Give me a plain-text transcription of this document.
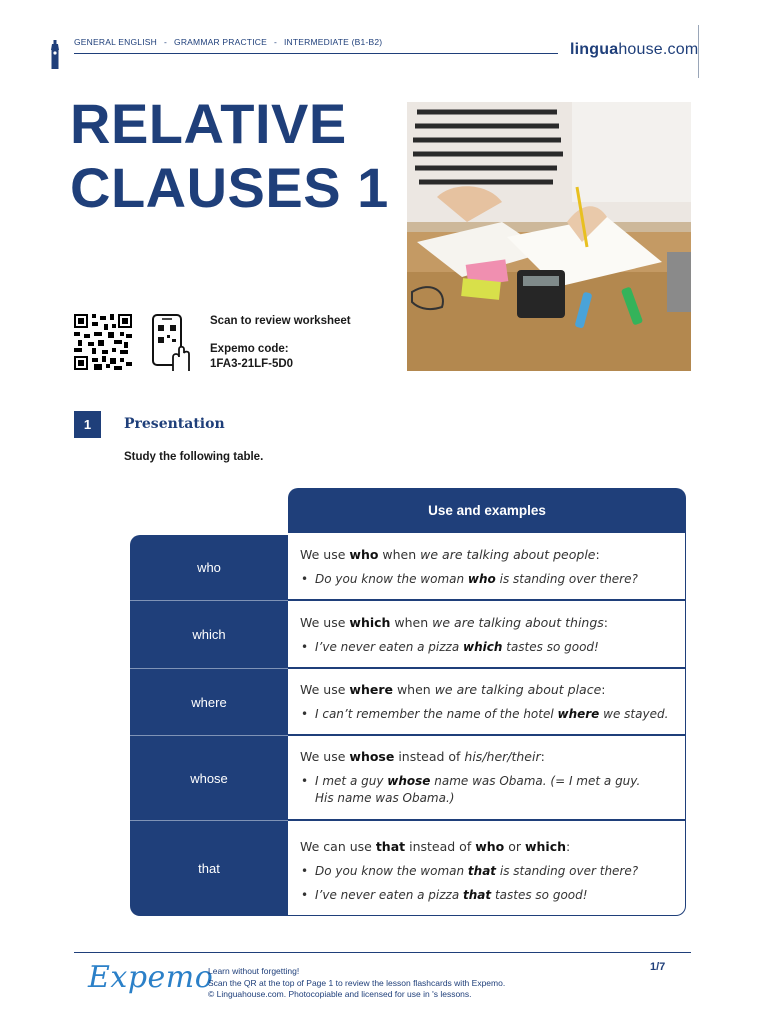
GENERAL ENGLISH - GRAMMAR PRACTICE - INTERMEDIATE (B1-B2)	linguahouse.com
RELATIVE
CLAUSES 1
Scan to review worksheet
Expemo code:
1FA3-21LF-5D0
1	Presentation
Study the following table.
Use and examples
who
which
where
whose
that
We use who when we are talking about people:
• Do you know the woman who is standing over there?
We use which when we are talking about things:
• I’ve never eaten a pizza which tastes so good!
We use where when we are talking about place:
• I can’t remember the name of the hotel where we stayed.
We use whose instead of his/her/their:
• I met a guy whose name was Obama. (= I met a guy.
His name was Obama.)
We can use that instead of who or which:
• Do you know the woman that is standing over there?
• I’ve never eaten a pizza that tastes so good!
Expemo
Learn without forgetting!
Scan the QR at the top of Page 1 to review the lesson flashcards with Expemo.
© Linguahouse.com. Photocopiable and licensed for use in 's lessons.
1/7
